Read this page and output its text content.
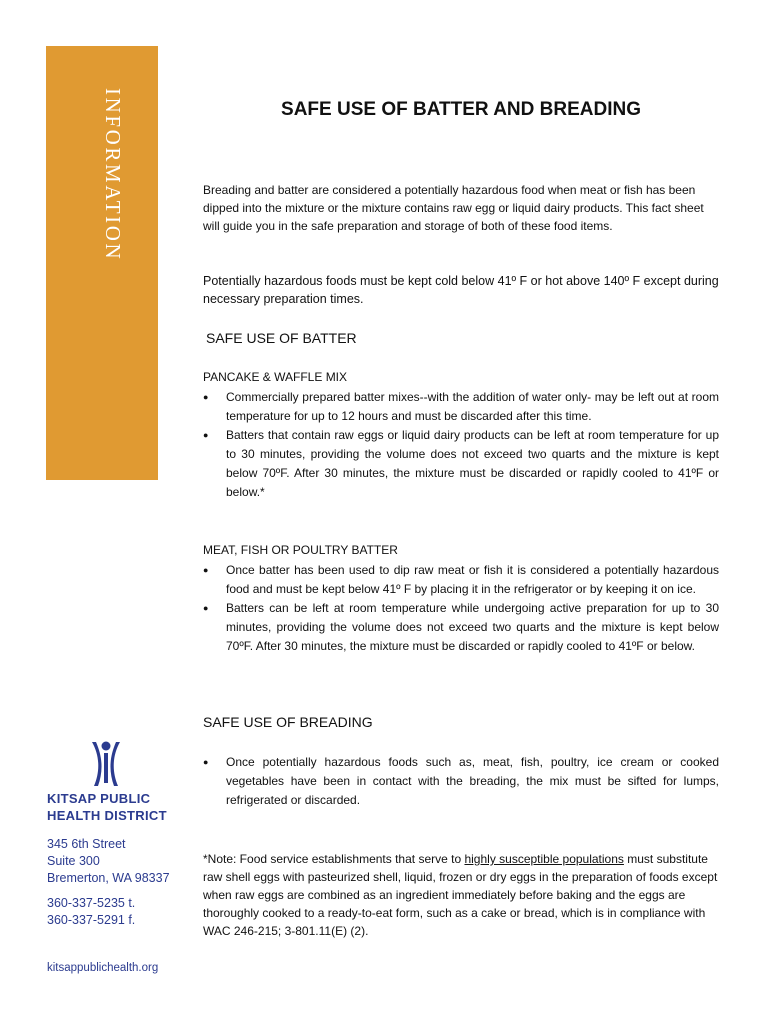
INFORMATION
KITSAP PUBLIC
HEALTH DISTRICT
345 6th Street
Suite 300
Bremerton, WA 98337
360-337-5235 t.
360-337-5291 f.
kitsappublichealth.org
SAFE USE OF BATTER AND BREADING
Breading and batter are considered a potentially hazardous food when meat or fish has been dipped into the mixture or the mixture contains raw egg or liquid dairy products. This fact sheet will guide you in the safe preparation and storage of both of these food items.
Potentially hazardous foods must be kept cold below 41º F or hot above 140º F except during necessary preparation times.
SAFE USE OF BATTER
PANCAKE & WAFFLE MIX
● Commercially prepared batter mixes--with the addition of water only- may be left out at room temperature for up to 12 hours and must be discarded after this time.
● Batters that contain raw eggs or liquid dairy products can be left at room temperature for up to 30 minutes, providing the volume does not exceed two quarts and the mixture is kept below 70ºF. After 30 minutes, the mixture must be discarded or rapidly cooled to 41ºF or below.*
MEAT, FISH OR POULTRY BATTER
● Once batter has been used to dip raw meat or fish it is considered a potentially hazardous food and must be kept below 41º F by placing it in the refrigerator or by keeping it on ice.
● Batters can be left at room temperature while undergoing active preparation for up to 30 minutes, providing the volume does not exceed two quarts and the mixture is kept below 70ºF. After 30 minutes, the mixture must be discarded or rapidly cooled to 41ºF or below.
SAFE USE OF BREADING
● Once potentially hazardous foods such as, meat, fish, poultry, ice cream or cooked vegetables have been in contact with the breading, the mix must be sifted for lumps, refrigerated or discarded.
*Note: Food service establishments that serve to highly susceptible populations must substitute raw shell eggs with pasteurized shell, liquid, frozen or dry eggs in the preparation of foods except when raw eggs are combined as an ingredient immediately before baking and the eggs are thoroughly cooked to a ready-to-eat form, such as a cake or bread, which is in compliance with WAC 246-215; 3-801.11(E) (2).
